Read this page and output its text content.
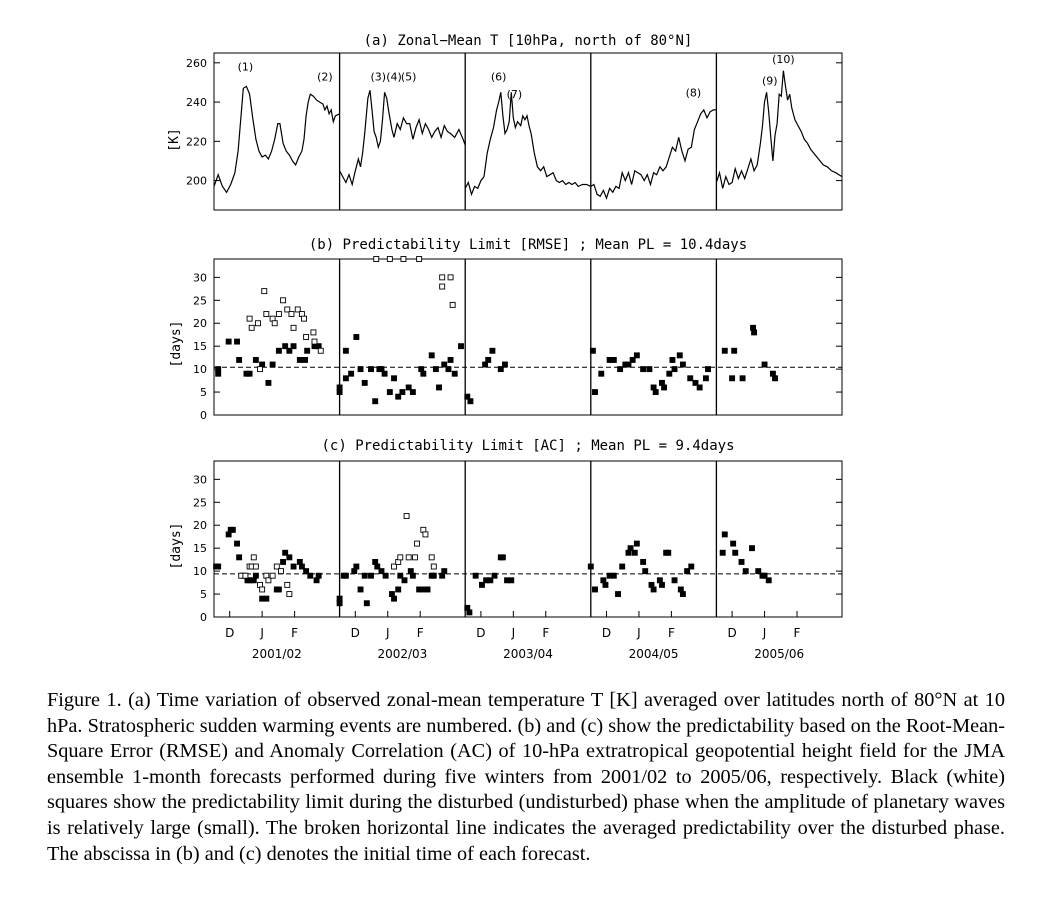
(a) Zonal−Mean T [10hPa, north of 80°N]
[K]
200
220
240
260	(1)
(2)	(3) (4) (5)	(6)
(7)	(8)
(9)
(10)
(b) Predictability Limit [RMSE] ; Mean PL = 10.4days
[days]
0
5
10
15
20
25
30
(c) Predictability Limit [AC] ; Mean PL = 9.4days
[days]
0
5
10
15
20
25
30
D J F
2001/02
D J F
2002/03
D J F
2003/04
D J F
2004/05
D J F
2005/06

Figure 1. (a) Time variation of observed zonal-mean temperature T [K] averaged over latitudes north of 80°N at 10 hPa. Stratospheric sudden warming events are numbered. (b) and (c) show the predictability based on the Root-Mean-Square Error (RMSE) and Anomaly Correlation (AC) of 10-hPa extratropical geopotential height field for the JMA ensemble 1-month forecasts performed during five winters from 2001/02 to 2005/06, respectively. Black (white) squares show the predictability limit during the disturbed (undisturbed) phase when the amplitude of planetary waves is relatively large (small). The broken horizontal line indicates the averaged predictability over the disturbed phase. The abscissa in (b) and (c) denotes the initial time of each forecast.
